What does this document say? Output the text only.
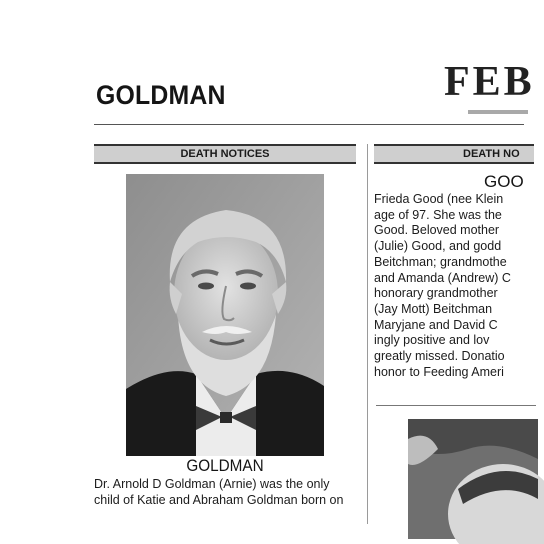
GOLDMAN	FEB
DEATH NOTICES
GOLDMAN
Dr. Arnold D Goldman (Arnie) was the only
child of Katie and Abraham Goldman born on
DEATH NO
GOO
Frieda Good (nee Klein
age of 97. She was the
Good. Beloved mother
(Julie) Good, and godd
Beitchman; grandmothe
and Amanda (Andrew) C
honorary grandmother
(Jay Mott) Beitchman
Maryjane and David C
ingly positive and lov
greatly missed. Donatio
honor to Feeding Ameri
